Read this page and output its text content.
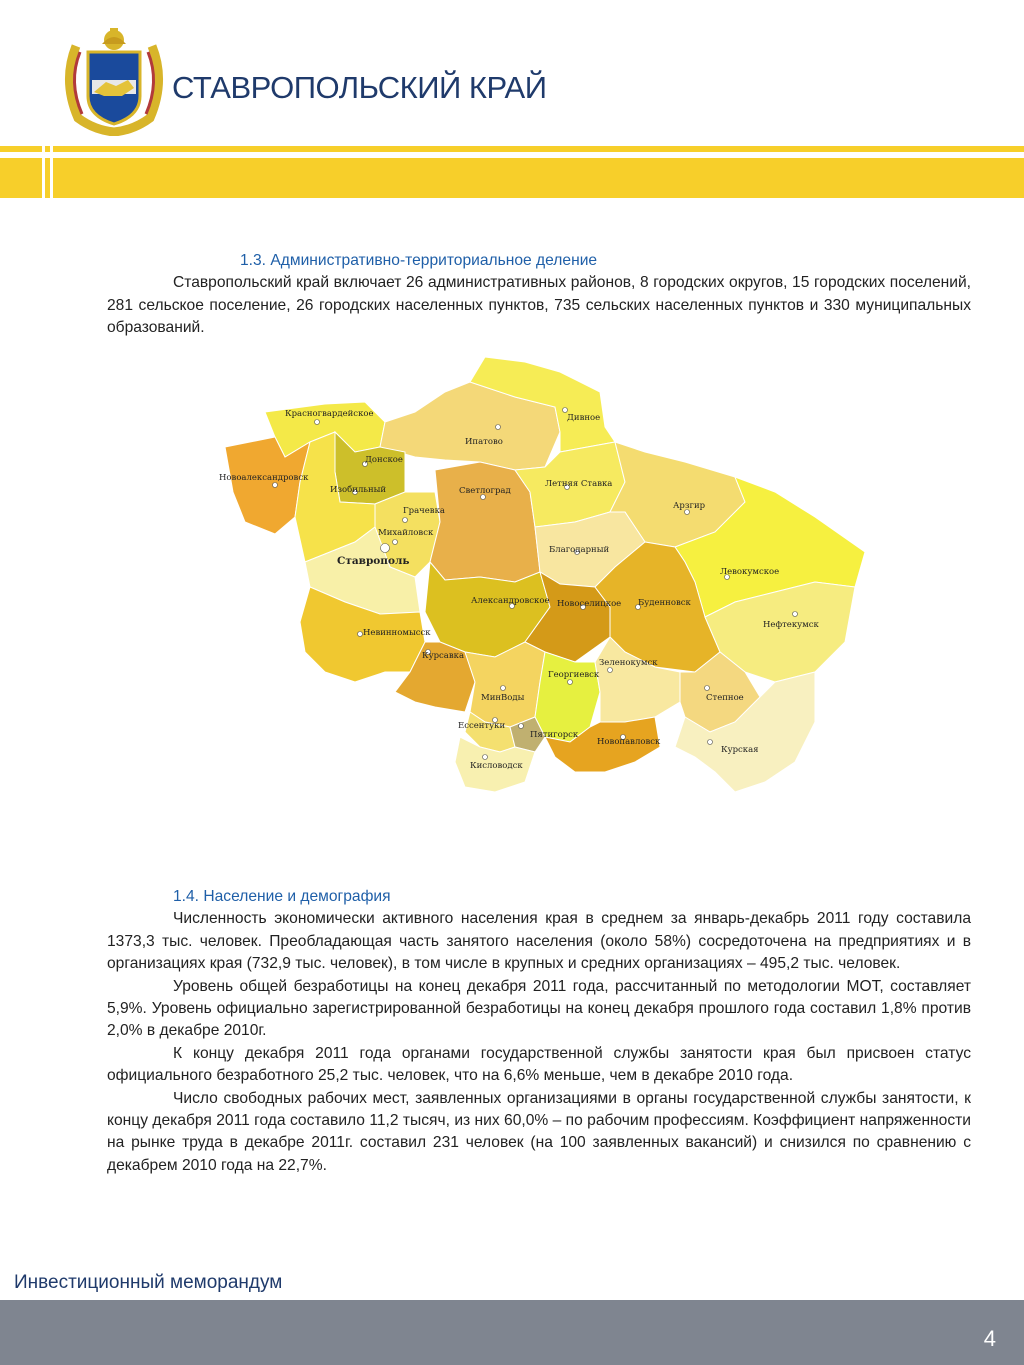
СТАВРОПОЛЬСКИЙ КРАЙ
1.3. Административно-территориальное деление

Ставропольский край включает 26 административных районов, 8 городских округов, 15 городских поселений, 281 сельское поселение, 26 городских населенных пунктов, 735 сельских населенных пунктов и 330 муниципальных образований.

Красногвардейское	Дивное
Ипатово
Донское
Новоалександровск
Изобильный	Светлоград
Летняя Ставка
Арзгир
Грачевка
Михайловск
Благодарный
Ставрополь
Левокумское
Александровское Новоселицкое Буденновск
Нефтекумск
Невинномысск
Курсавка
Зеленокумск
Георгиевск
МинВоды	Степное
Ессентуки
Пятигорск
Новопавловск
Курская
Кисловодск
1.4. Население и демография

Численность экономически активного населения края в среднем за январь-декабрь 2011 году составила 1373,3 тыс. человек. Преобладающая часть занятого населения (около 58%) сосредоточена на предприятиях и в организациях края (732,9 тыс. человек), в том числе в крупных и средних организациях – 495,2 тыс. человек.

Уровень общей безработицы на конец декабря 2011 года, рассчитанный по методологии МОТ, составляет 5,9%. Уровень официально зарегистрированной безработицы на конец декабря прошлого года составил 1,8% против 2,0% в декабре 2010г.

К концу декабря 2011 года органами государственной службы занятости края был присвоен статус официального безработного 25,2 тыс. человек, что на 6,6% меньше, чем в декабре 2010 года.

Число свободных рабочих мест, заявленных организациями в органы государственной службы занятости, к концу декабря 2011 года составило 11,2 тысяч, из них 60,0% – по рабочим профессиям. Коэффициент напряженности на рынке труда в декабре 2011г. составил 231 человек (на 100 заявленных вакансий) и снизился по сравнению с декабрем 2010 года на 22,7%.

Инвестиционный меморандум
4
